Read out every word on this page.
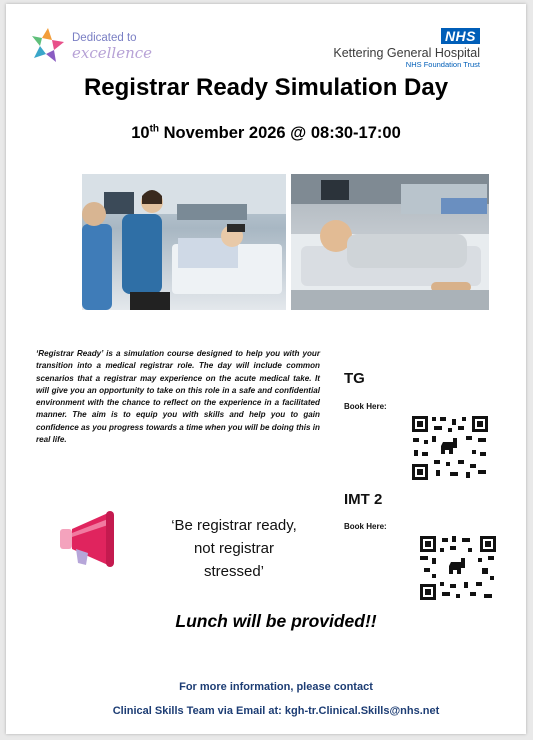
Dedicated to
excellence
NHS
Kettering General Hospital
NHS Foundation Trust
Registrar Ready Simulation Day
10th November 2026 @ 08:30-17:00
‘Registrar Ready’ is a simulation course designed to help you with your transition into a medical registrar role. The day will include common scenarios that a registrar may experience on the acute medical take. It will give you an opportunity to take on this role in a safe and confidential environment with the chance to reflect on the experience in a facilitated manner. The aim is to equip you with skills and help you to gain confidence as you progress towards a time when you will be doing this in real life.
TG
Book Here:
IMT 2
Book Here:
‘Be registrar ready,
not registrar
stressed’
Lunch will be provided!!
For more information, please contact
Clinical Skills Team via Email at: kgh-tr.Clinical.Skills@nhs.net
